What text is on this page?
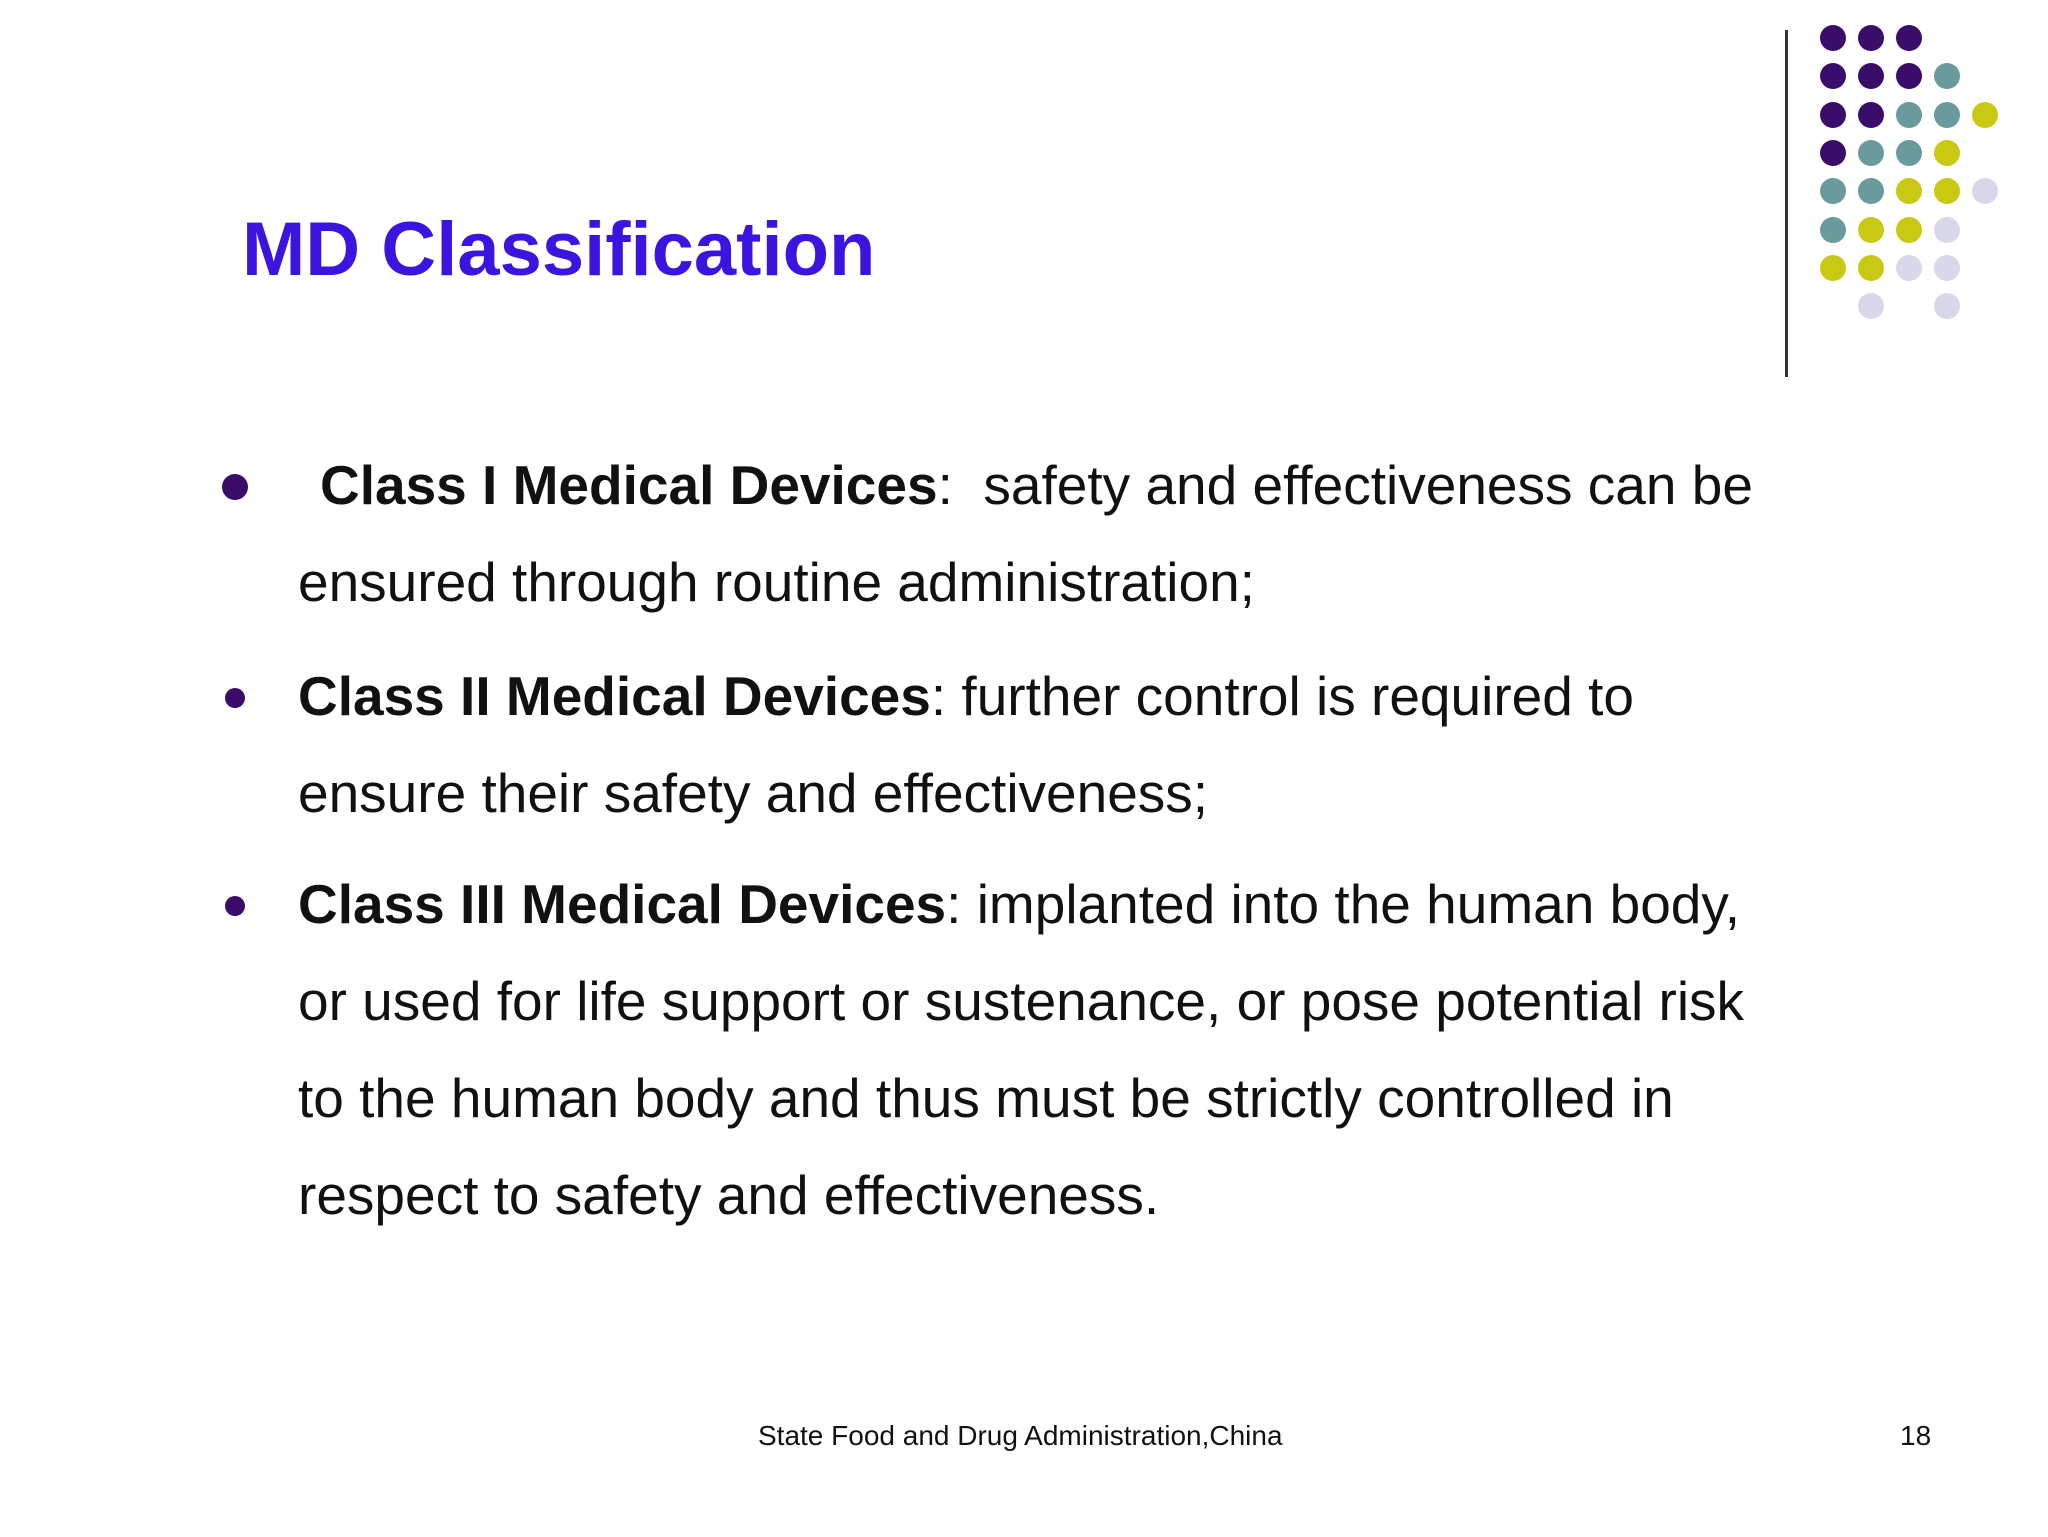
MD Classification
Class I Medical Devices:  safety and effectiveness can be ensured through routine administration;
Class II Medical Devices: further control is required to ensure their safety and effectiveness;
Class III Medical Devices: implanted into the human body, or used for life support or sustenance, or pose potential risk to the human body and thus must be strictly controlled in respect to safety and effectiveness.
State Food and Drug Administration,China	18
